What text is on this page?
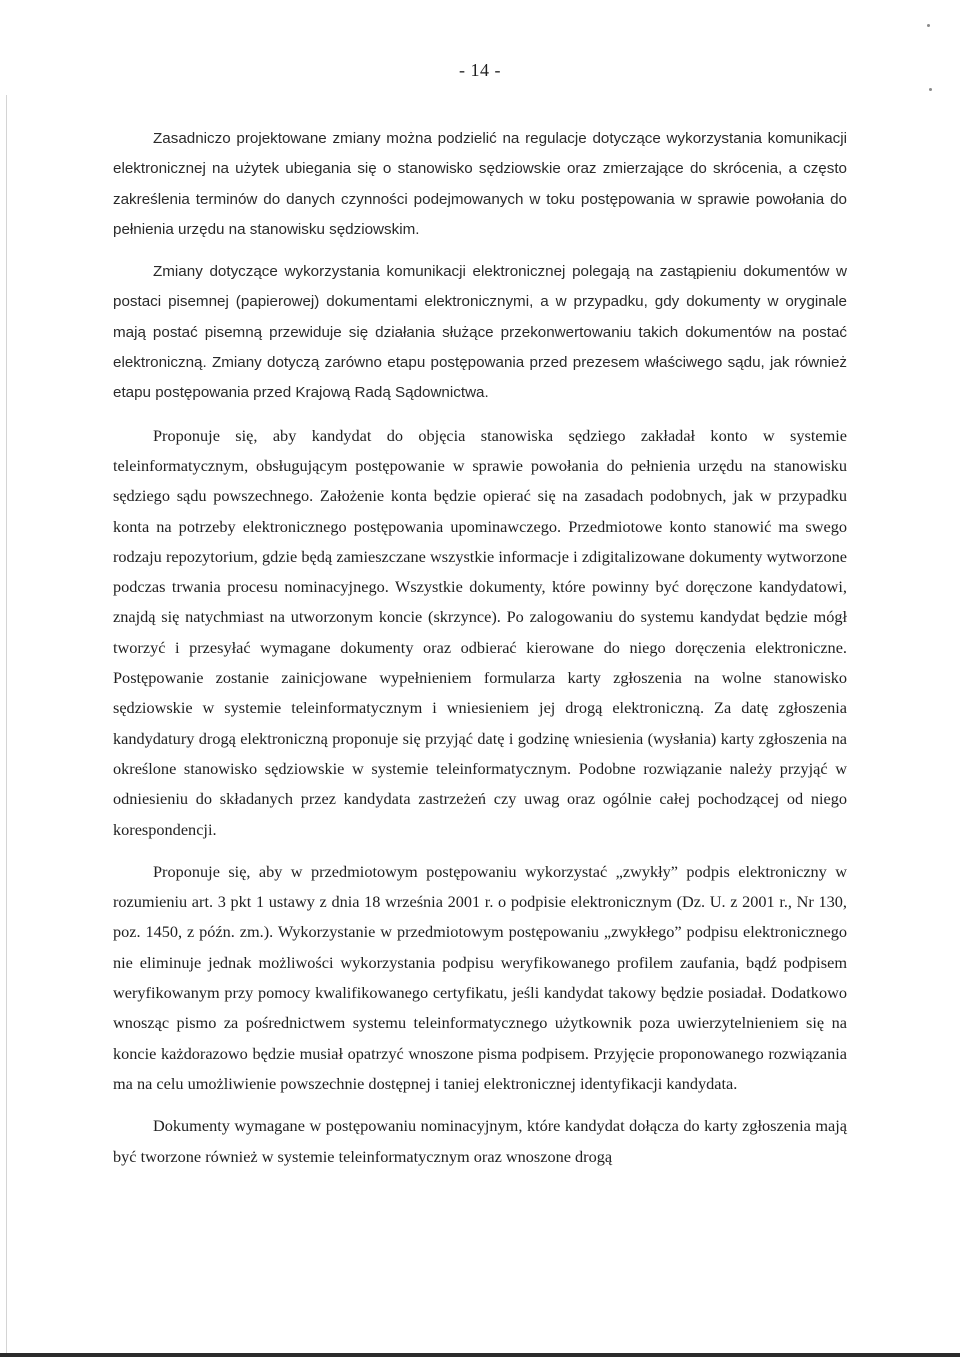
- 14 -

Zasadniczo projektowane zmiany można podzielić na regulacje dotyczące wykorzystania komunikacji elektronicznej na użytek ubiegania się o stanowisko sędziowskie oraz zmierzające do skrócenia, a często zakreślenia terminów do danych czynności podejmowanych w toku postępowania w sprawie powołania do pełnienia urzędu na stanowisku sędziowskim.

Zmiany dotyczące wykorzystania komunikacji elektronicznej polegają na zastąpieniu dokumentów w postaci pisemnej (papierowej) dokumentami elektronicznymi, a w przypadku, gdy dokumenty w oryginale mają postać pisemną przewiduje się działania służące przekonwertowaniu takich dokumentów na postać elektroniczną. Zmiany dotyczą zarówno etapu postępowania przed prezesem właściwego sądu, jak również etapu postępowania przed Krajową Radą Sądownictwa.

Proponuje się, aby kandydat do objęcia stanowiska sędziego zakładał konto w systemie teleinformatycznym, obsługującym postępowanie w sprawie powołania do pełnienia urzędu na stanowisku sędziego sądu powszechnego. Założenie konta będzie opierać się na zasadach podobnych, jak w przypadku konta na potrzeby elektronicznego postępowania upominawczego. Przedmiotowe konto stanowić ma swego rodzaju repozytorium, gdzie będą zamieszczane wszystkie informacje i zdigitalizowane dokumenty wytworzone podczas trwania procesu nominacyjnego. Wszystkie dokumenty, które powinny być doręczone kandydatowi, znajdą się natychmiast na utworzonym koncie (skrzynce). Po zalogowaniu do systemu kandydat będzie mógł tworzyć i przesyłać wymagane dokumenty oraz odbierać kierowane do niego doręczenia elektroniczne. Postępowanie zostanie zainicjowane wypełnieniem formularza karty zgłoszenia na wolne stanowisko sędziowskie w systemie teleinformatycznym i wniesieniem jej drogą elektroniczną. Za datę zgłoszenia kandydatury drogą elektroniczną proponuje się przyjąć datę i godzinę wniesienia (wysłania) karty zgłoszenia na określone stanowisko sędziowskie w systemie teleinformatycznym. Podobne rozwiązanie należy przyjąć w odniesieniu do składanych przez kandydata zastrzeżeń czy uwag oraz ogólnie całej pochodzącej od niego korespondencji.

Proponuje się, aby w przedmiotowym postępowaniu wykorzystać „zwykły” podpis elektroniczny w rozumieniu art. 3 pkt 1 ustawy z dnia 18 września 2001 r. o podpisie elektronicznym (Dz. U. z 2001 r., Nr 130, poz. 1450, z późn. zm.). Wykorzystanie w przedmiotowym postępowaniu „zwykłego” podpisu elektronicznego nie eliminuje jednak możliwości wykorzystania podpisu weryfikowanego profilem zaufania, bądź podpisem weryfikowanym przy pomocy kwalifikowanego certyfikatu, jeśli kandydat takowy będzie posiadał. Dodatkowo wnosząc pismo za pośrednictwem systemu teleinformatycznego użytkownik poza uwierzytelnieniem się na koncie każdorazowo będzie musiał opatrzyć wnoszone pisma podpisem. Przyjęcie proponowanego rozwiązania ma na celu umożliwienie powszechnie dostępnej i taniej elektronicznej identyfikacji kandydata.

Dokumenty wymagane w postępowaniu nominacyjnym, które kandydat dołącza do karty zgłoszenia mają być tworzone również w systemie teleinformatycznym oraz wnoszone drogą
